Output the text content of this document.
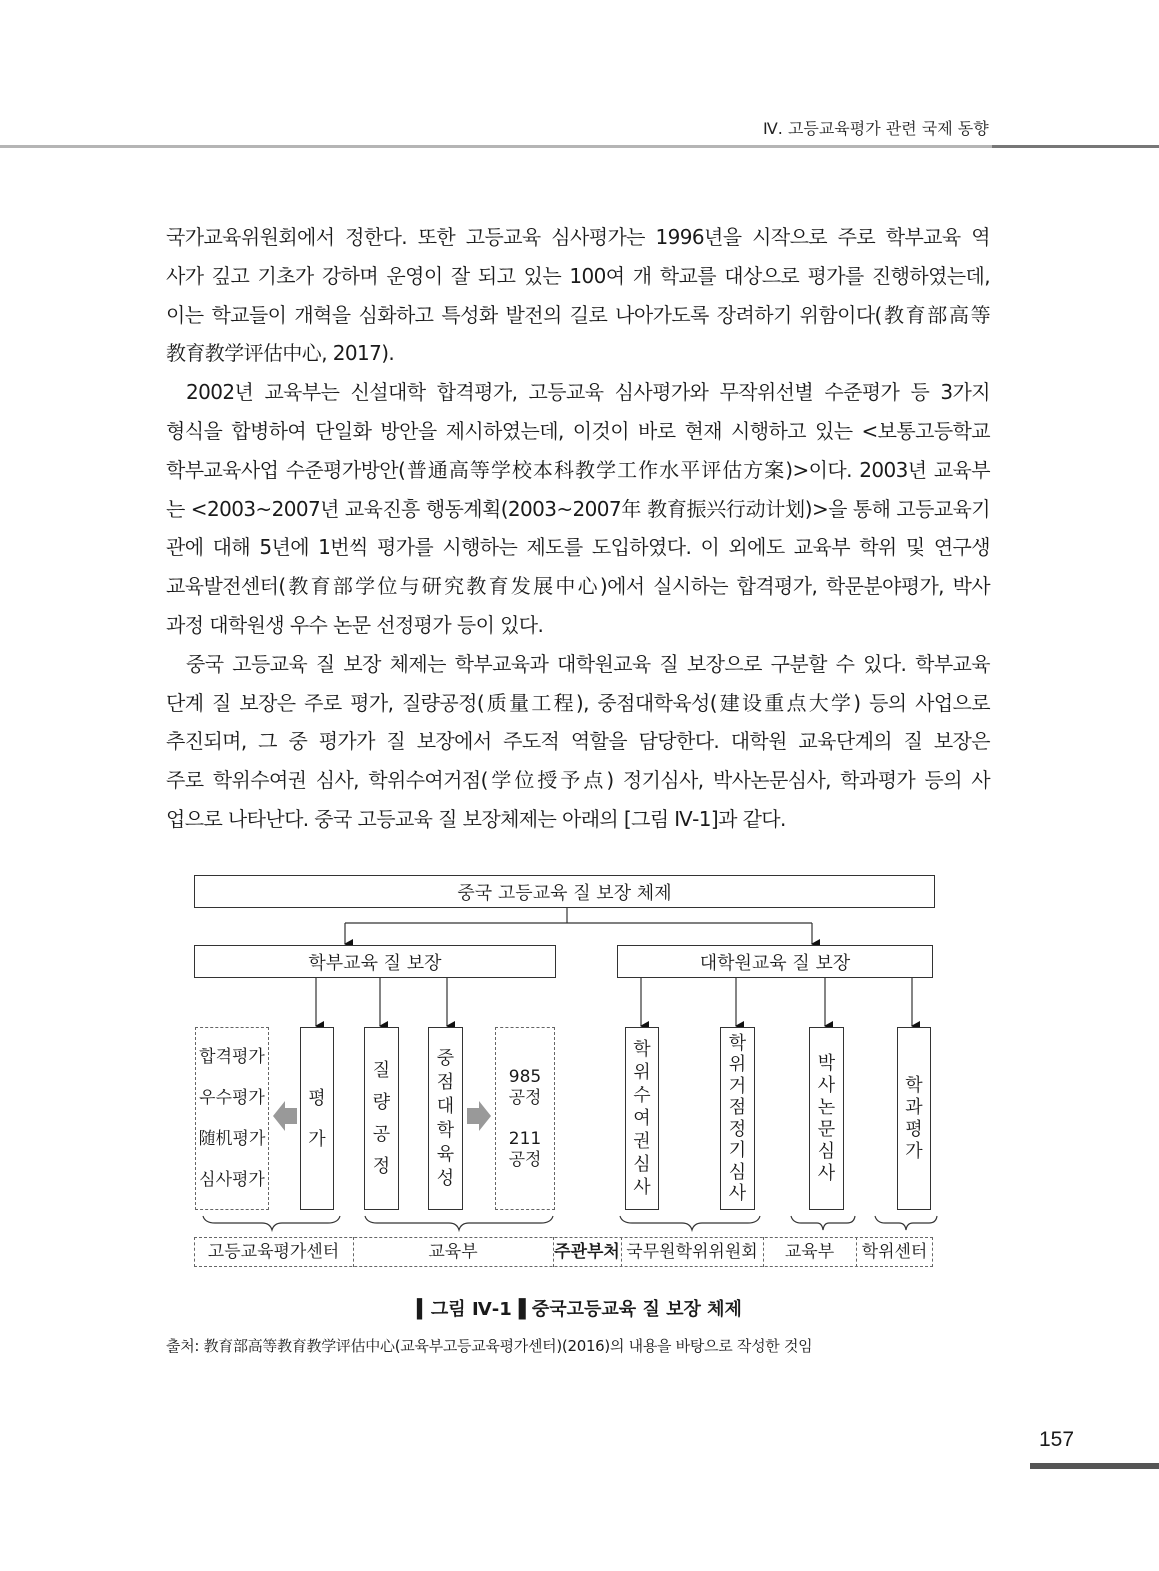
Ⅳ. 고등교육평가 관련 국제 동향
국가교육위원회에서 정한다. 또한 고등교육 심사평가는 1996년을 시작으로 주로 학부교육 역
사가 깊고 기초가 강하며 운영이 잘 되고 있는 100여 개 학교를 대상으로 평가를 진행하였는데,
이는 학교들이 개혁을 심화하고 특성화 발전의 길로 나아가도록 장려하기 위함이다(教育部高等
教育教学评估中心, 2017).
2002년 교육부는 신설대학 합격평가, 고등교육 심사평가와 무작위선별 수준평가 등 3가지
형식을 합병하여 단일화 방안을 제시하였는데, 이것이 바로 현재 시행하고 있는 <보통고등학교
학부교육사업 수준평가방안(普通高等学校本科教学工作水平评估方案)>이다. 2003년 교육부
는 <2003~2007년 교육진흥 행동계획(2003~2007年 教育振兴行动计划)>을 통해 고등교육기
관에 대해 5년에 1번씩 평가를 시행하는 제도를 도입하였다. 이 외에도 교육부 학위 및 연구생
교육발전센터(教育部学位与研究教育发展中心)에서 실시하는 합격평가, 학문분야평가, 박사
과정 대학원생 우수 논문 선정평가 등이 있다.
중국 고등교육 질 보장 체제는 학부교육과 대학원교육 질 보장으로 구분할 수 있다. 학부교육
단계 질 보장은 주로 평가, 질량공정(质量工程), 중점대학육성(建设重点大学) 등의 사업으로
추진되며, 그 중 평가가 질 보장에서 주도적 역할을 담당한다. 대학원 교육단계의 질 보장은
주로 학위수여권 심사, 학위수여거점(学位授予点) 정기심사, 박사논문심사, 학과평가 등의 사
업으로 나타난다. 중국 고등교육 질 보장체제는 아래의 [그림 Ⅳ-1]과 같다.
중국 고등교육 질 보장 체제
학부교육 질 보장	대학원교육 질 보장
합격평가
우수평가
随机평가
심사평가
평가
질량공정
중점대학육성
985 공정
211 공정
학위수여권심사
학위거점정기심사
박사논문심사
학과평가
고등교육평가센터	교육부	주관부처 국무원학위위원회	교육부	학위센터
▍그림 Ⅳ-1▐ 중국고등교육 질 보장 체제
출처: 教育部高等教育教学评估中心(교육부고등교육평가센터)(2016)의 내용을 바탕으로 작성한 것임
157
